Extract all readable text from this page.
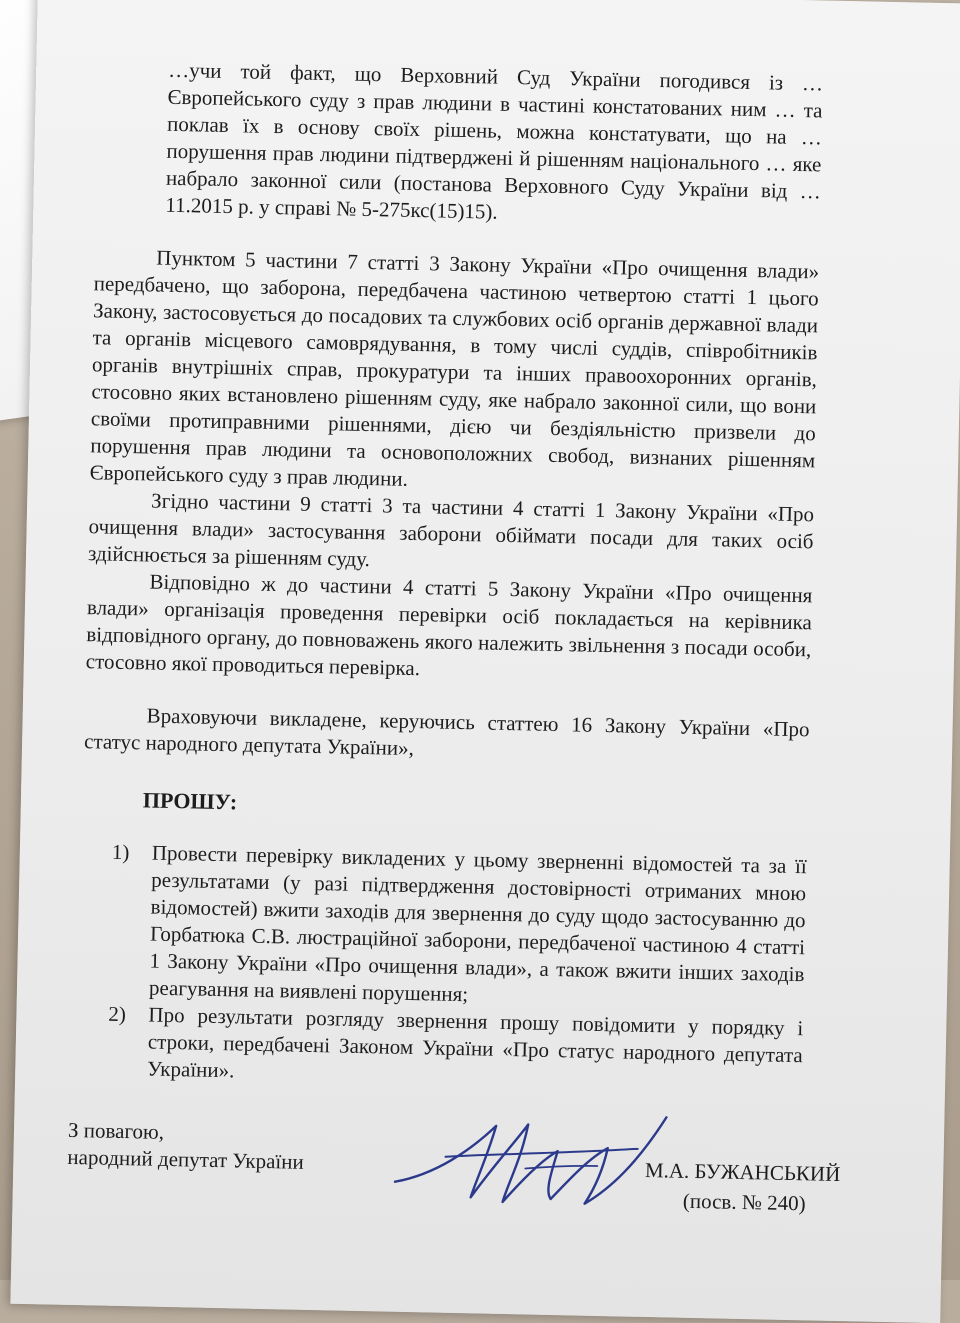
…учи той факт, що Верховний Суд України погодився із … Європейського суду з прав людини в частині констатованих ним … та поклав їх в основу своїх рішень, можна констатувати, що на … порушення прав людини підтверджені й рішенням національного … яке набрало законної сили (постанова Верховного Суду України від …11.2015 р. у справі № 5-275кс(15)15).

Пунктом 5 частини 7 статті 3 Закону України «Про очищення влади» передбачено, що заборона, передбачена частиною четвертою статті 1 цього Закону, застосовується до посадових та службових осіб органів державної влади та органів місцевого самоврядування, в тому числі суддів, співробітників органів внутрішніх справ, прокуратури та інших правоохоронних органів, стосовно яких встановлено рішенням суду, яке набрало законної сили, що вони своїми протиправними рішеннями, дією чи бездіяльністю призвели до порушення прав людини та основоположних свобод, визнаних рішенням Європейського суду з прав людини.

Згідно частини 9 статті 3 та частини 4 статті 1 Закону України «Про очищення влади» застосування заборони обіймати посади для таких осіб здійснюється за рішенням суду.

Відповідно ж до частини 4 статті 5 Закону України «Про очищення влади» організація проведення перевірки осіб покладається на керівника відповідного органу, до повноважень якого належить звільнення з посади особи, стосовно якої проводиться перевірка.

Враховуючи викладене, керуючись статтею 16 Закону України «Про статус народного депутата України»,

ПРОШУ:

1) Провести перевірку викладених у цьому зверненні відомостей та за її результатами (у разі підтвердження достовірності отриманих мною відомостей) вжити заходів для звернення до суду щодо застосуванню до Горбатюка С.В. люстраційної заборони, передбаченої частиною 4 статті 1 Закону України «Про очищення влади», а також вжити інших заходів реагування на виявлені порушення;
2) Про результати розгляду звернення прошу повідомити у порядку і строки, передбачені Законом України «Про статус народного депутата України».
З повагою,
народний депутат України	М.А. БУЖАНСЬКИЙ
(посв. № 240)
